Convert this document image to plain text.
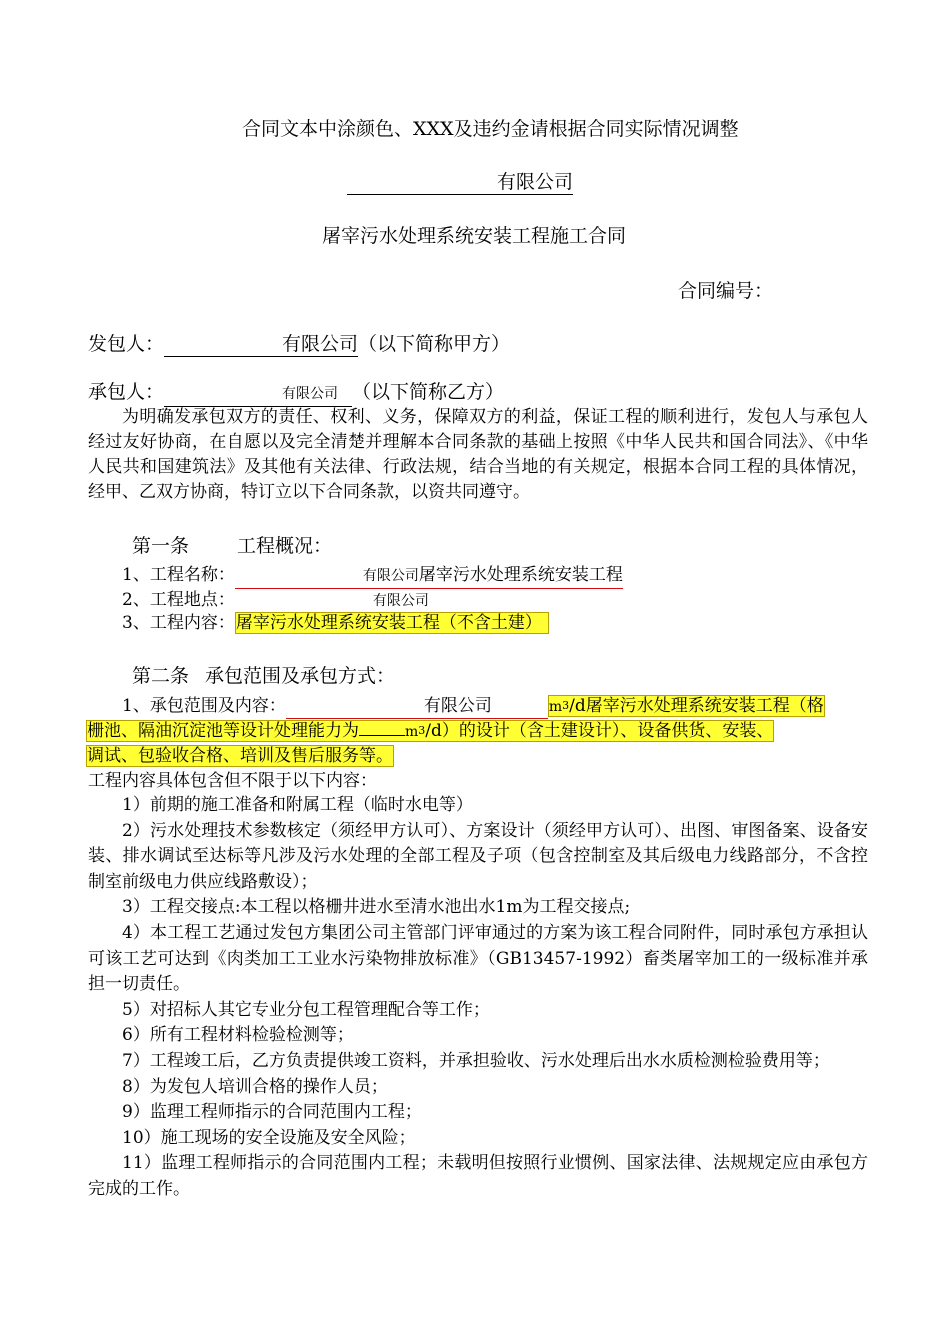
合同文本中涂颜色、XXX及违约金请根据合同实际情况调整
有限公司
屠宰污水处理系统安装工程施工合同
合同编号：
发包人：	有限公司（以下简称甲方）
承包人：	有限公司 （以下简称乙方）
为明确发承包双方的责任、权利、义务，保障双方的利益，保证工程的顺利进行，发包人与承包人经过友好协商，在自愿以及完全清楚并理解本合同条款的基础上按照《中华人民共和国合同法》、《中华人民共和国建筑法》及其他有关法律、行政法规，结合当地的有关规定，根据本合同工程的具体情况，经甲、乙双方协商，特订立以下合同条款，以资共同遵守。
第一条	工程概况：
1、工程名称：	有限公司屠宰污水处理系统安装工程
2、工程地点：	有限公司
3、工程内容：屠宰污水处理系统安装工程（不含土建）
第二条 承包范围及承包方式：
1、承包范围及内容：	有限公司	m3/d屠宰污水处理系统安装工程（格
栅池、隔油沉淀池等设计处理能力为	m3/d）的设计（含土建设计）、设备供货、安装、
调试、包验收合格、培训及售后服务等。
工程内容具体包含但不限于以下内容：
1）前期的施工准备和附属工程（临时水电等）
2）污水处理技术参数核定（须经甲方认可）、方案设计（须经甲方认可）、出图、审图备案、设备安装、排水调试至达标等凡涉及污水处理的全部工程及子项（包含控制室及其后级电力线路部分，不含控制室前级电力供应线路敷设）；
3）工程交接点:本工程以格栅井进水至清水池出水1m为工程交接点;
4）本工程工艺通过发包方集团公司主管部门评审通过的方案为该工程合同附件，同时承包方承担认可该工艺可达到《肉类加工工业水污染物排放标准》（GB13457-1992）畜类屠宰加工的一级标准并承担一切责任。
5）对招标人其它专业分包工程管理配合等工作；
6）所有工程材料检验检测等；
7）工程竣工后，乙方负责提供竣工资料，并承担验收、污水处理后出水水质检测检验费用等；
8）为发包人培训合格的操作人员；
9）监理工程师指示的合同范围内工程；
10）施工现场的安全设施及安全风险；
11）监理工程师指示的合同范围内工程；未载明但按照行业惯例、国家法律、法规规定应由承包方完成的工作。
